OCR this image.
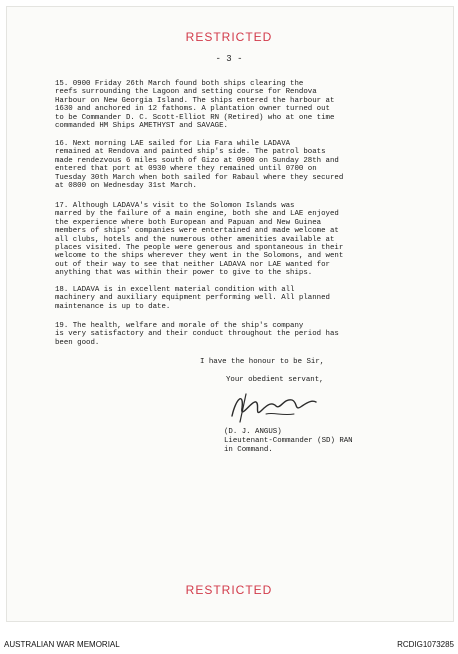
RESTRICTED
- 3 -
15. 0900 Friday 26th March found both ships clearing the
reefs surrounding the Lagoon and setting course for Rendova
Harbour on New Georgia Island. The ships entered the harbour at
1630 and anchored in 12 fathoms. A plantation owner turned out
to be Commander D. C. Scott-Elliot RN (Retired) who at one time
commanded HM Ships AMETHYST and SAVAGE.
16. Next morning LAE sailed for Lia Fara while LADAVA
remained at Rendova and painted ship's side. The patrol boats
made rendezvous 6 miles south of Gizo at 0900 on Sunday 28th and
entered that port at 0930 where they remained until 0700 on
Tuesday 30th March when both sailed for Rabaul where they secured
at 0800 on Wednesday 31st March.
17. Although LADAVA's visit to the Solomon Islands was
marred by the failure of a main engine, both she and LAE enjoyed
the experience where both European and Papuan and New Guinea
members of ships' companies were entertained and made welcome at
all clubs, hotels and the numerous other amenities available at
places visited. The people were generous and spontaneous in their
welcome to the ships wherever they went in the Solomons, and went
out of their way to see that neither LADAVA nor LAE wanted for
anything that was within their power to give to the ships.
18. LADAVA is in excellent material condition with all
machinery and auxiliary equipment performing well. All planned
maintenance is up to date.
19. The health, welfare and morale of the ship's company
is very satisfactory and their conduct throughout the period has
been good.
I have the honour to be Sir,
Your obedient servant,
(D. J. ANGUS)
Lieutenant-Commander (SD) RAN
in Command.
RESTRICTED
AUSTRALIAN WAR MEMORIAL	RCDIG1073285
